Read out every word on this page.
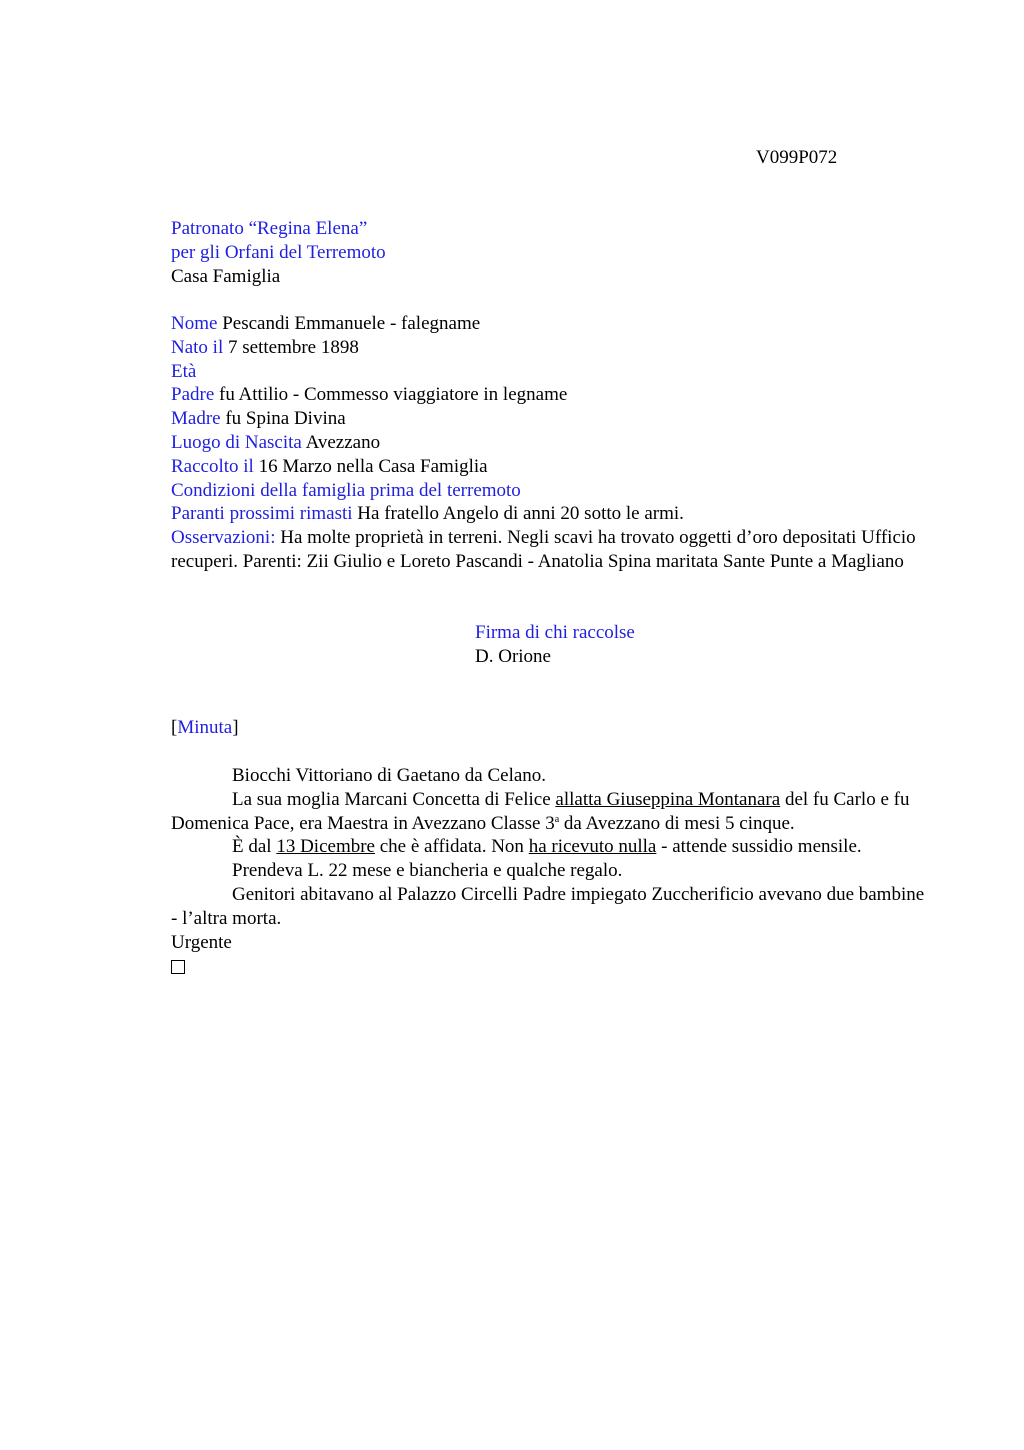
V099P072
Patronato “Regina Elena”
per gli Orfani del Terremoto
Casa Famiglia
Nome Pescandi Emmanuele - falegname
Nato il 7 settembre 1898
Età
Padre fu Attilio - Commesso viaggiatore in legname
Madre fu Spina Divina
Luogo di Nascita Avezzano
Raccolto il 16 Marzo nella Casa Famiglia
Condizioni della famiglia prima del terremoto
Paranti prossimi rimasti Ha fratello Angelo di anni 20 sotto le armi.
Osservazioni: Ha molte proprietà in terreni. Negli scavi ha trovato oggetti d’oro depositati Ufficio recuperi. Parenti: Zii Giulio e Loreto Pascandi - Anatolia Spina maritata Sante Punte a Magliano
Firma di chi raccolse
D. Orione
[Minuta]

Biocchi Vittoriano di Gaetano da Celano.

La sua moglia Marcani Concetta di Felice allatta Giuseppina Montanara del fu Carlo e fu Domenica Pace, era Maestra in Avezzano Classe 3$^a$ da Avezzano di mesi 5 cinque.

È dal 13 Dicembre che è affidata. Non ha ricevuto nulla - attende sussidio mensile.

Prendeva L. 22 mese e biancheria e qualche regalo.

Genitori abitavano al Palazzo Circelli Padre impiegato Zuccherificio avevano due bambine - l’altra morta.

Urgente
